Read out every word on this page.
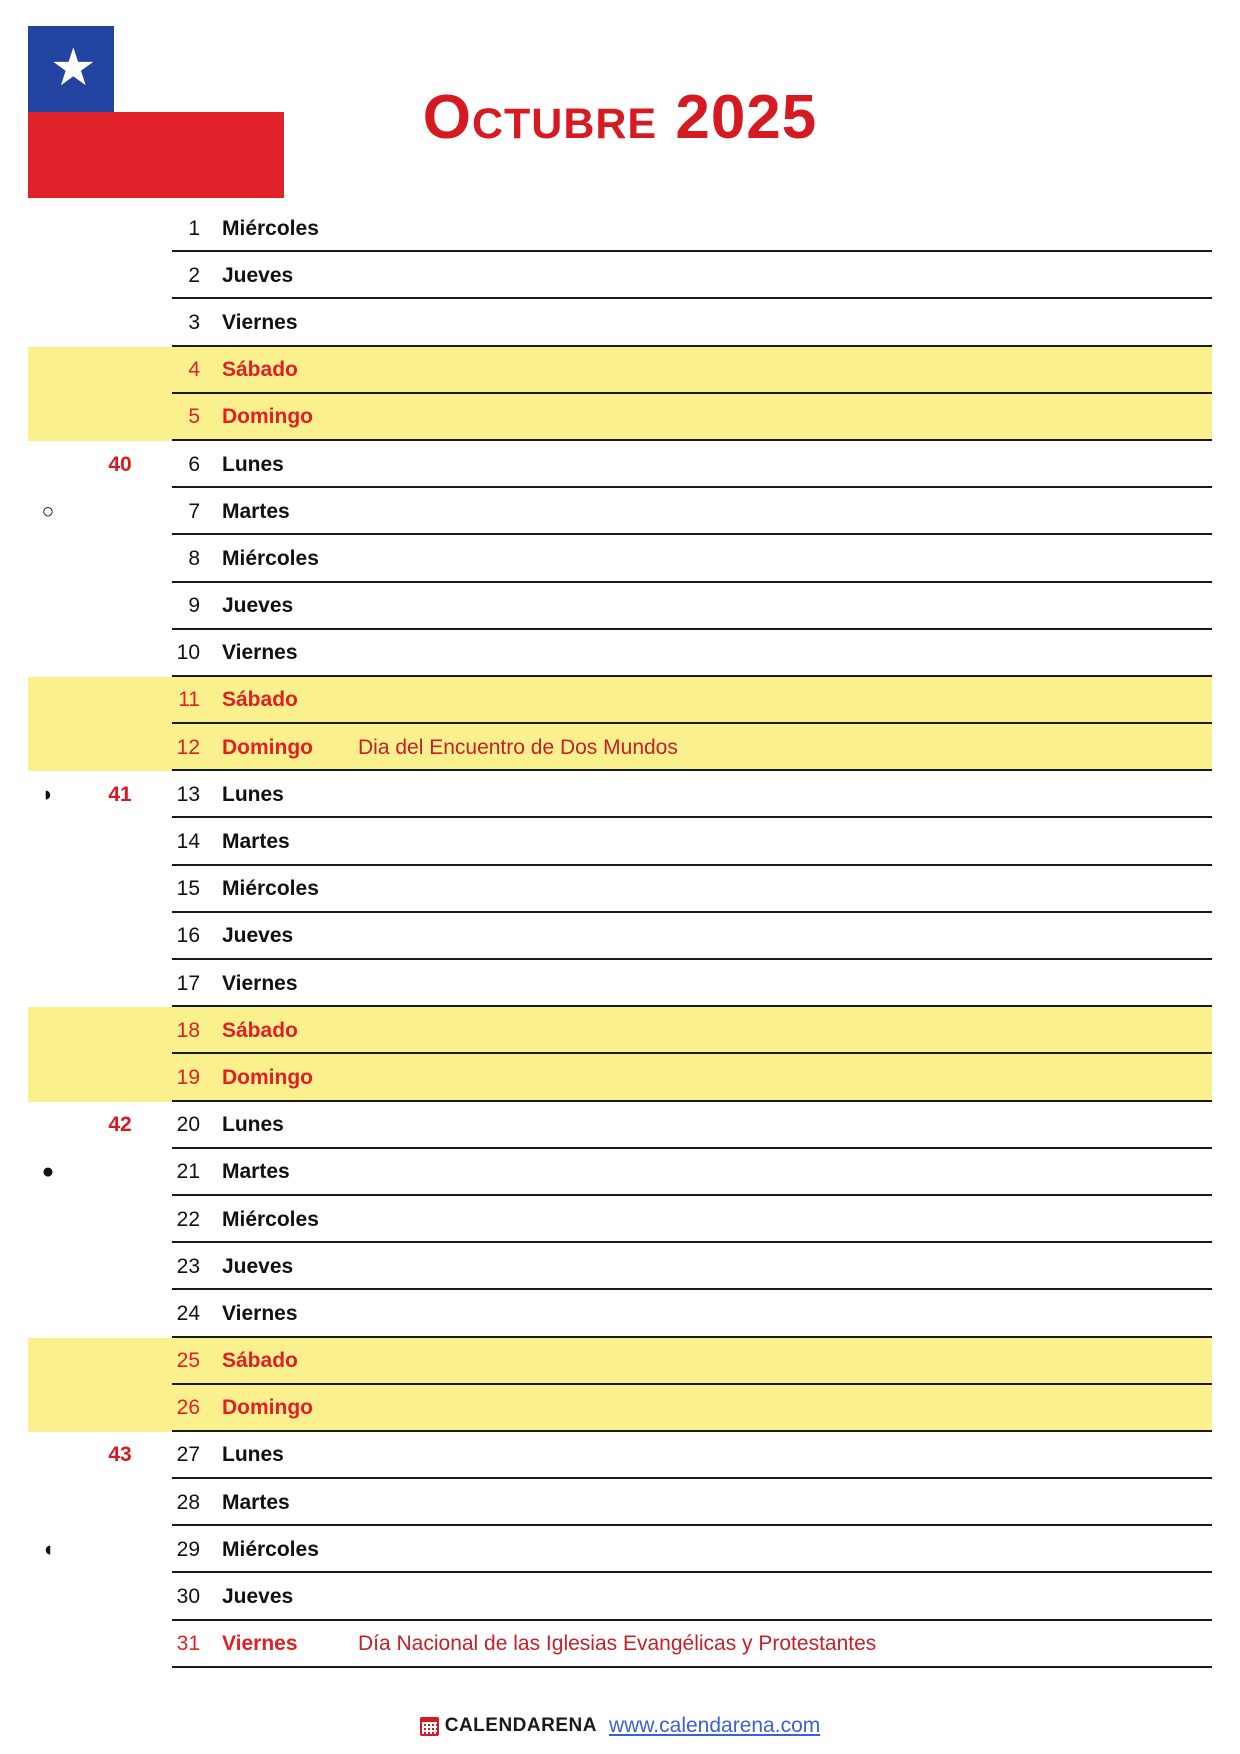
★
Octubre 2025
1 Miércoles
2 Jueves
3 Viernes
4 Sábado
5 Domingo
40	6 Lunes
○	7 Martes
8 Miércoles
9 Jueves
10 Viernes
11 Sábado
12 Domingo	Dia del Encuentro de Dos Mundos
◗	41	13 Lunes
14 Martes
15 Miércoles
16 Jueves
17 Viernes
18 Sábado
19 Domingo
42	20 Lunes
●	21 Martes
22 Miércoles
23 Jueves
24 Viernes
25 Sábado
26 Domingo
43	27 Lunes
28 Martes
◖	29 Miércoles
30 Jueves
31 Viernes	Día Nacional de las Iglesias Evangélicas y Protestantes
CALENDARENA www.calendarena.com
